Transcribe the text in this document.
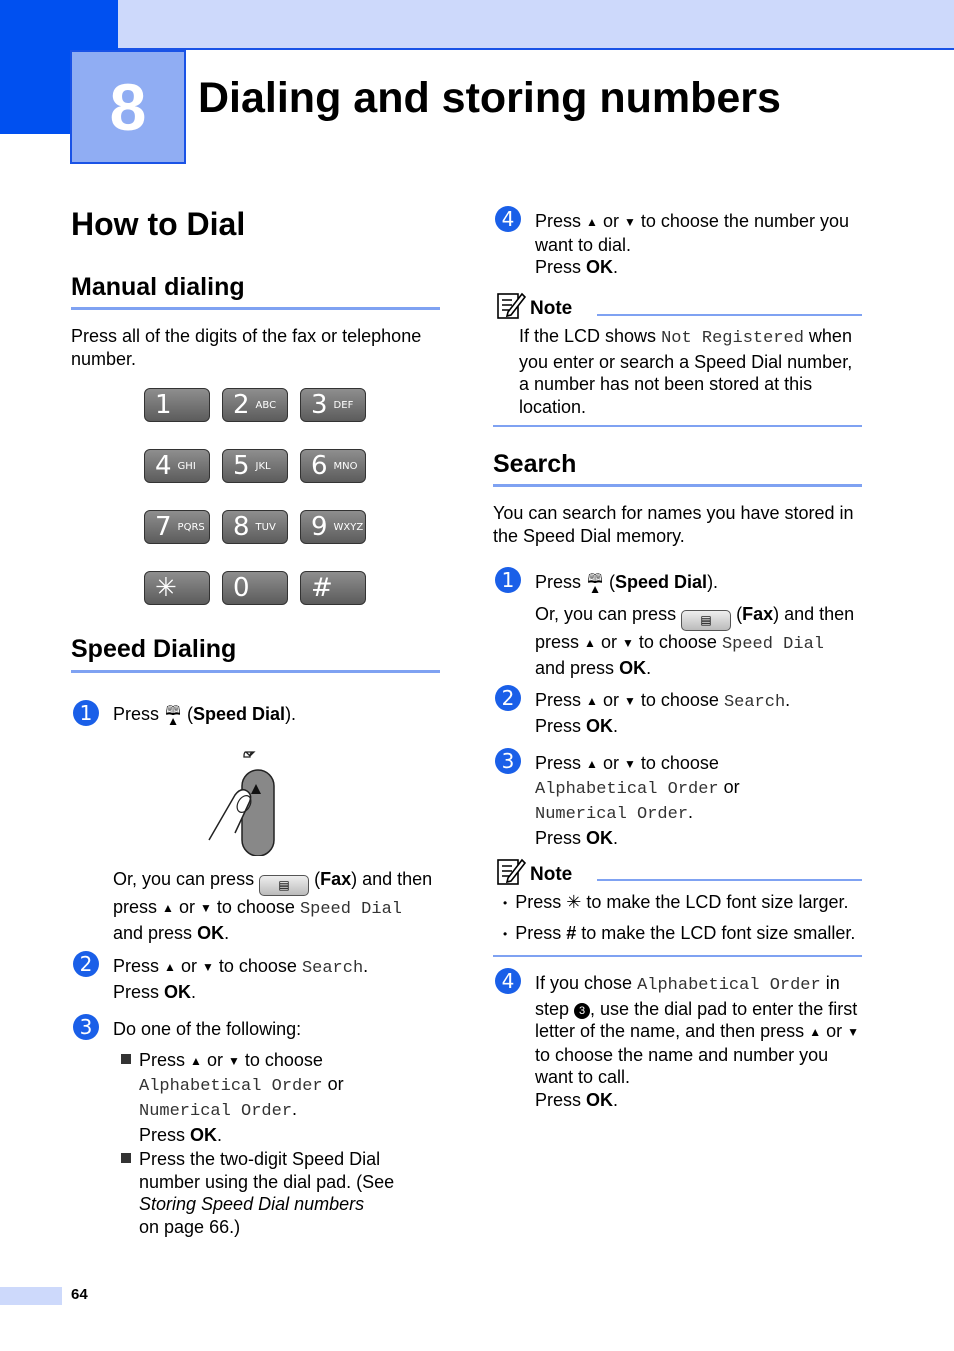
8	Dialing and storing numbers
How to Dial
Manual dialing
Press all of the digits of the fax or telephone number.
1 2 ABC 3 DEF
4 GHI 5 JKL 6 MNO
7 PQRS 8 TUV 9 WXYZ
✳ 0 #
Speed Dialing
1	Press 🕮
▲ (Speed Dial).
Or, you can press ▤ (Fax) and then press ▲ or ▼ to choose Speed Dial
and press OK.
2	Press ▲ or ▼ to choose Search.
Press OK.
3	Do one of the following:
Press ▲ or ▼ to choose
Alphabetical Order or
Numerical Order.
Press OK.
Press the two-digit Speed Dial number using the dial pad. (See Storing Speed Dial numbers
on page 66.)
4	Press ▲ or ▼ to choose the number you want to dial.
Press OK.
Note
If the LCD shows Not Registered when you enter or search a Speed Dial number, a number has not been stored at this location.
Search
You can search for names you have stored in the Speed Dial memory.
1	Press 🕮
▲ (Speed Dial).
Or, you can press ▤ (Fax) and then press ▲ or ▼ to choose Speed Dial
and press OK.
2	Press ▲ or ▼ to choose Search.
Press OK.
3	Press ▲ or ▼ to choose
Alphabetical Order or
Numerical Order.
Press OK.
Note
• Press ✳ to make the LCD font size larger.
• Press # to make the LCD font size smaller.
4	If you chose Alphabetical Order in step 3 , use the dial pad to enter the first letter of the name, and then press ▲ or ▼ to choose the name and number you want to call.
Press OK.
64
